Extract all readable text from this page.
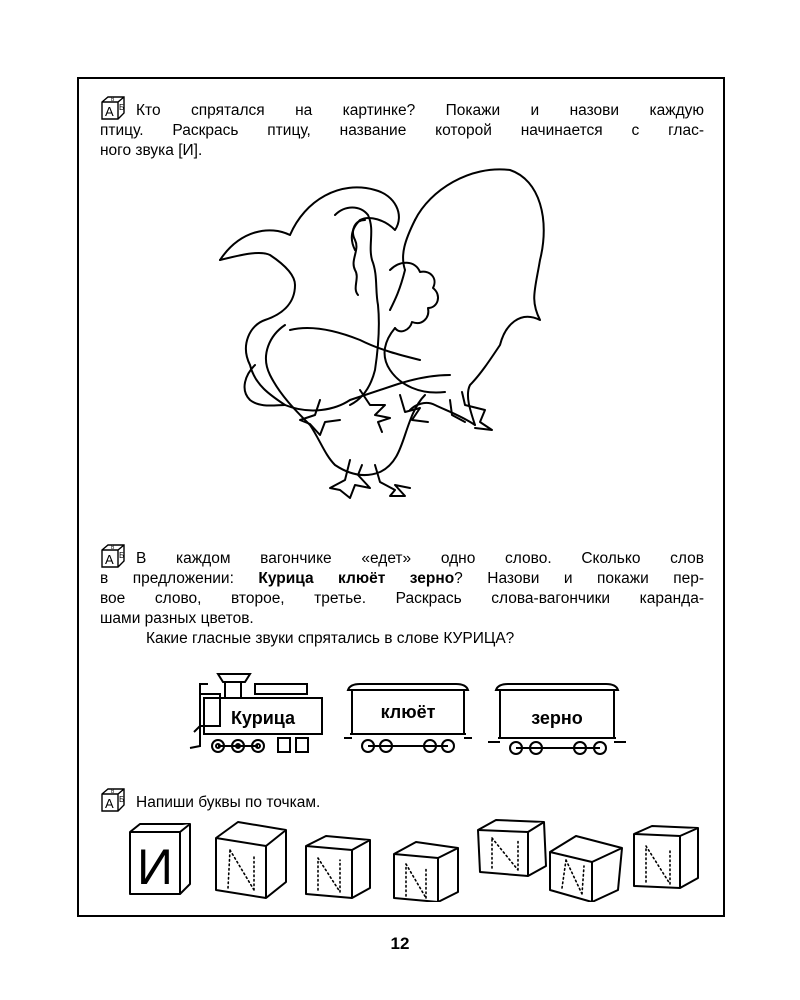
A Б
В
Кто спрятался на картинке? Покажи и назови каждую
птицу. Раскрась птицу, название которой начинается с глас-
ного звука [И].
A Б
В
В каждом вагончике «едет» одно слово. Сколько слов
в предложении: Курица клюёт зерно? Назови и покажи пер-
вое слово, второе, третье. Раскрась слова-вагончики каранда-
шами разных цветов.
Какие гласные звуки спрятались в слове КУРИЦА?
Курица	клюёт	зерно
A Б
В
Напиши буквы по точкам.
И
12
